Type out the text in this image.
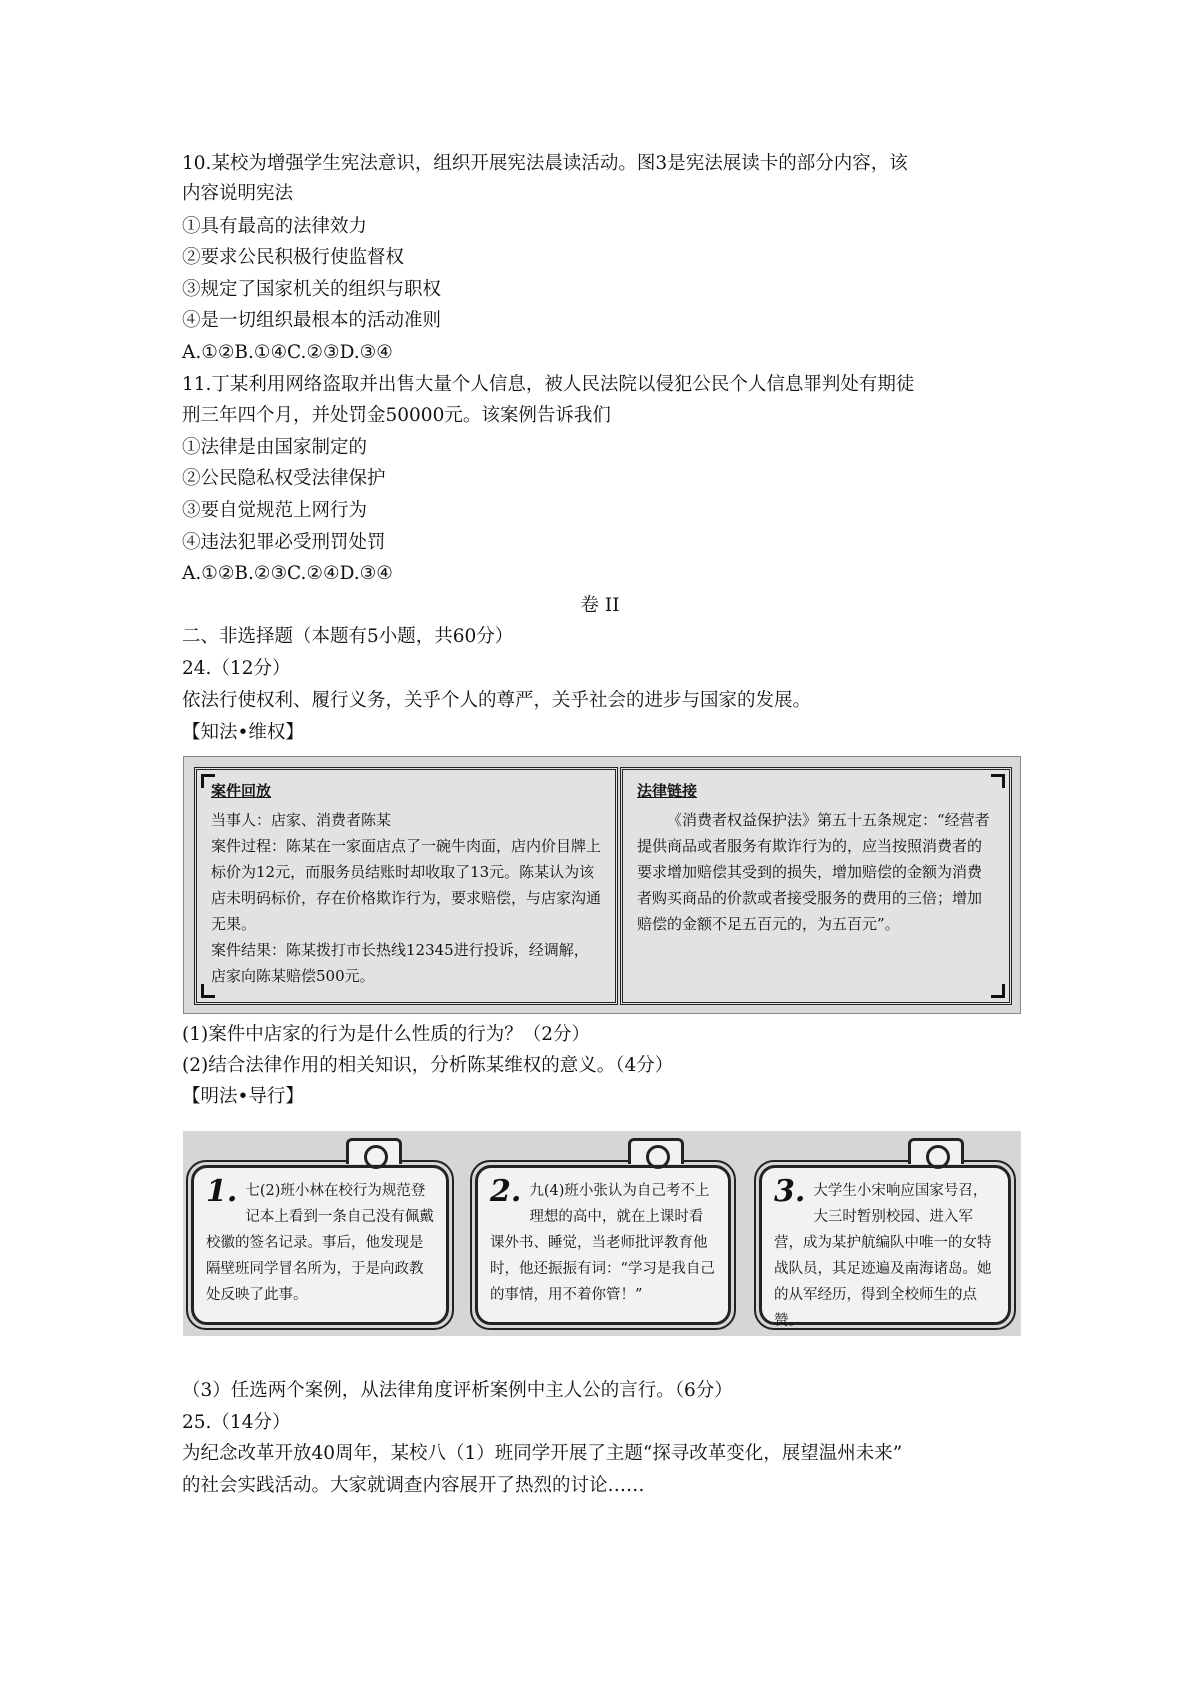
10.某校为增强学生宪法意识，组织开展宪法晨读活动。图3是宪法展读卡的部分内容，该
内容说明宪法
①具有最高的法律效力
②要求公民积极行使监督权
③规定了国家机关的组织与职权
④是一切组织最根本的活动准则
A.①②B.①④C.②③D.③④
11.丁某利用网络盗取并出售大量个人信息，被人民法院以侵犯公民个人信息罪判处有期徒
刑三年四个月，并处罚金50000元。该案例告诉我们
①法律是由国家制定的
②公民隐私权受法律保护
③要自觉规范上网行为
④违法犯罪必受刑罚处罚
A.①②B.②③C.②④D.③④
卷 II
二、非选择题（本题有5小题，共60分）
24.（12分）
依法行使权利、履行义务，关乎个人的尊严，关乎社会的进步与国家的发展。
【知法•维权】
案件回放
当事人：店家、消费者陈某
案件过程：陈某在一家面店点了一碗牛肉面，店内价目牌上标价为12元，而服务员结账时却收取了13元。陈某认为该店未明码标价，存在价格欺诈行为，要求赔偿，与店家沟通无果。
案件结果：陈某拨打市长热线12345进行投诉，经调解，店家向陈某赔偿500元。
法律链接
《消费者权益保护法》第五十五条规定：“经营者提供商品或者服务有欺诈行为的，应当按照消费者的要求增加赔偿其受到的损失，增加赔偿的金额为消费者购买商品的价款或者接受服务的费用的三倍；增加赔偿的金额不足五百元的，为五百元”。
(1)案件中店家的行为是什么性质的行为？（2分）
(2)结合法律作用的相关知识，分析陈某维权的意义。（4分）
【明法•导行】
1. 七(2)班小林在校行为规范登记本上看到一条自己没有佩戴校徽的签名记录。事后，他发现是隔壁班同学冒名所为，于是向政教处反映了此事。
2. 九(4)班小张认为自己考不上理想的高中，就在上课时看课外书、睡觉，当老师批评教育他时，他还振振有词：“学习是我自己的事情，用不着你管！”
3. 大学生小宋响应国家号召，大三时暂别校园、进入军营，成为某护航编队中唯一的女特战队员，其足迹遍及南海诸岛。她的从军经历，得到全校师生的点赞。
（3）任选两个案例，从法律角度评析案例中主人公的言行。（6分）
25.（14分）
为纪念改革开放40周年，某校八（1）班同学开展了主题“探寻改革变化，展望温州未来”
的社会实践活动。大家就调查内容展开了热烈的讨论……
